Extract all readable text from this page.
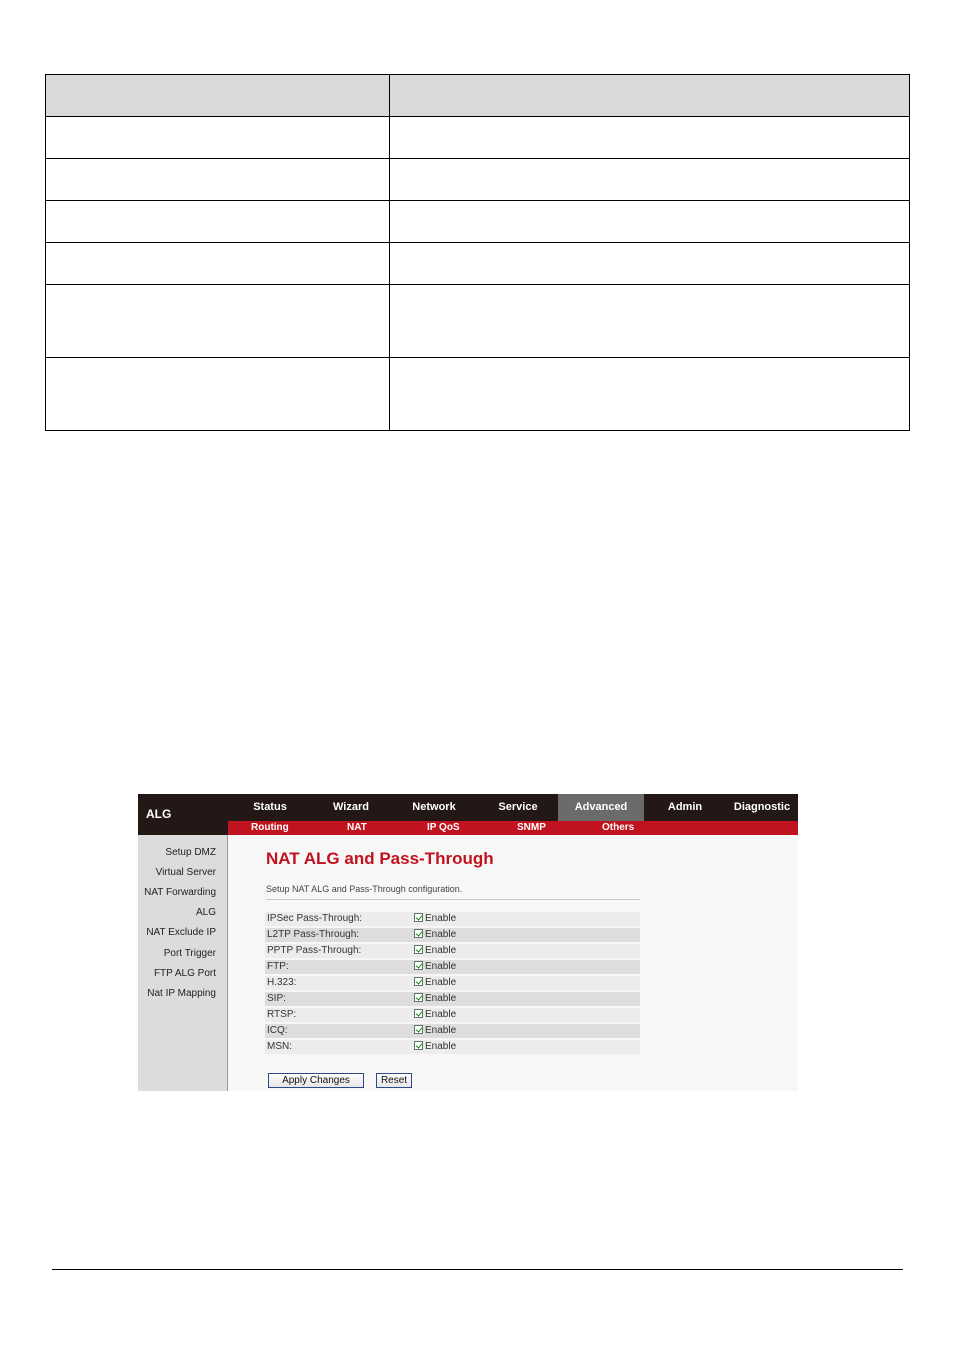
ALG	Status	Wizard	Network	Service	Advanced	Admin	Diagnostic
Routing	NAT	IP QoS	SNMP	Others
Setup DMZ
Virtual Server
NAT Forwarding
ALG
NAT Exclude IP
Port Trigger
FTP ALG Port
Nat IP Mapping
NAT ALG and Pass-Through
Setup NAT ALG and Pass-Through configuration.
IPSec Pass-Through:	Enable
L2TP Pass-Through:	Enable
PPTP Pass-Through:	Enable
FTP:	Enable
H.323:	Enable
SIP:	Enable
RTSP:	Enable
ICQ:	Enable
MSN:	Enable
Apply Changes	Reset
